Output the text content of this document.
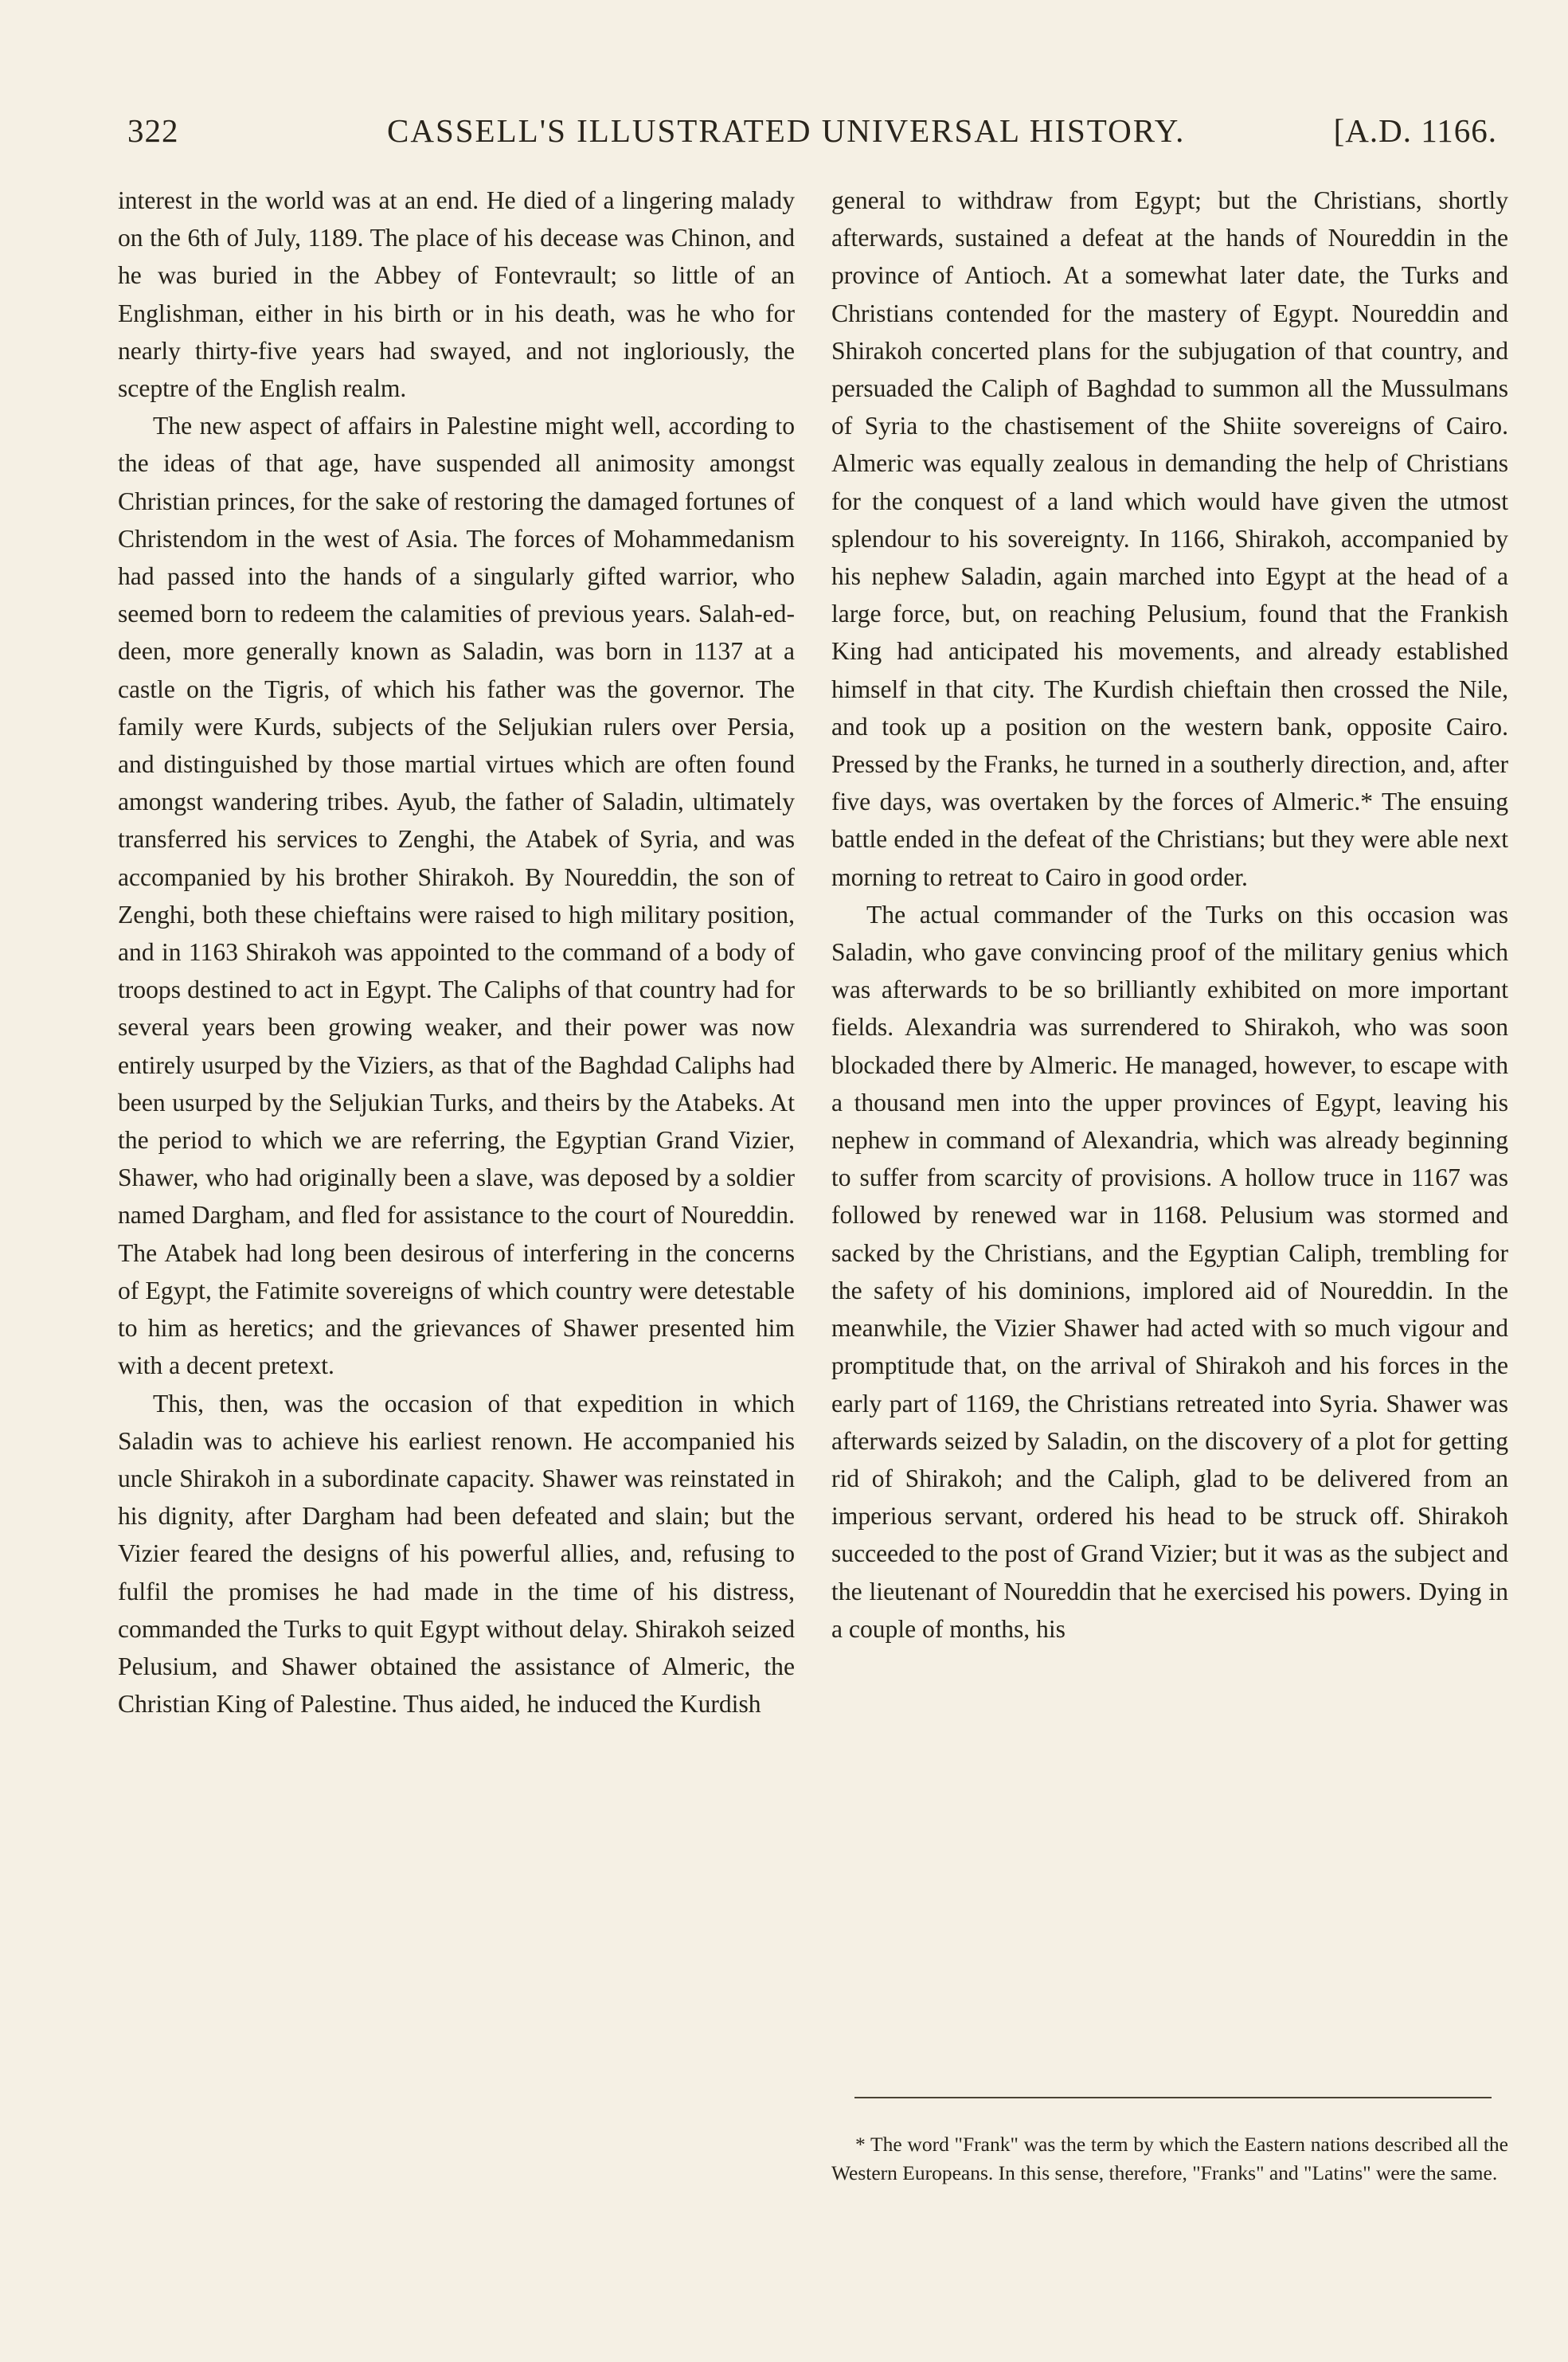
322	CASSELL'S ILLUSTRATED UNIVERSAL HISTORY.	[A.D. 1166.

interest in the world was at an end. He died of a lingering malady on the 6th of July, 1189. The place of his decease was Chinon, and he was buried in the Abbey of Fontevrault; so little of an Englishman, either in his birth or in his death, was he who for nearly thirty-five years had swayed, and not ingloriously, the sceptre of the English realm.

The new aspect of affairs in Palestine might well, according to the ideas of that age, have suspended all animosity amongst Christian princes, for the sake of restoring the damaged fortunes of Christendom in the west of Asia. The forces of Mohammedanism had passed into the hands of a singularly gifted warrior, who seemed born to redeem the calamities of previous years. Salah-ed-deen, more generally known as Saladin, was born in 1137 at a castle on the Tigris, of which his father was the governor. The family were Kurds, subjects of the Seljukian rulers over Persia, and distinguished by those martial virtues which are often found amongst wandering tribes. Ayub, the father of Saladin, ultimately transferred his services to Zenghi, the Atabek of Syria, and was accompanied by his brother Shirakoh. By Noureddin, the son of Zenghi, both these chieftains were raised to high military position, and in 1163 Shirakoh was appointed to the command of a body of troops destined to act in Egypt. The Caliphs of that country had for several years been growing weaker, and their power was now entirely usurped by the Viziers, as that of the Baghdad Caliphs had been usurped by the Seljukian Turks, and theirs by the Atabeks. At the period to which we are referring, the Egyptian Grand Vizier, Shawer, who had originally been a slave, was deposed by a soldier named Dargham, and fled for assistance to the court of Noureddin. The Atabek had long been desirous of interfering in the concerns of Egypt, the Fatimite sovereigns of which country were detestable to him as heretics; and the grievances of Shawer presented him with a decent pretext.

This, then, was the occasion of that expedition in which Saladin was to achieve his earliest renown. He accompanied his uncle Shirakoh in a subordinate capacity. Shawer was reinstated in his dignity, after Dargham had been defeated and slain; but the Vizier feared the designs of his powerful allies, and, refusing to fulfil the promises he had made in the time of his distress, commanded the Turks to quit Egypt without delay. Shirakoh seized Pelusium, and Shawer obtained the assistance of Almeric, the Christian King of Palestine. Thus aided, he induced the Kurdish

general to withdraw from Egypt; but the Christians, shortly afterwards, sustained a defeat at the hands of Noureddin in the province of Antioch. At a somewhat later date, the Turks and Christians contended for the mastery of Egypt. Noureddin and Shirakoh concerted plans for the subjugation of that country, and persuaded the Caliph of Baghdad to summon all the Mussulmans of Syria to the chastisement of the Shiite sovereigns of Cairo. Almeric was equally zealous in demanding the help of Christians for the conquest of a land which would have given the utmost splendour to his sovereignty. In 1166, Shirakoh, accompanied by his nephew Saladin, again marched into Egypt at the head of a large force, but, on reaching Pelusium, found that the Frankish King had anticipated his movements, and already established himself in that city. The Kurdish chieftain then crossed the Nile, and took up a position on the western bank, opposite Cairo. Pressed by the Franks, he turned in a southerly direction, and, after five days, was overtaken by the forces of Almeric.* The ensuing battle ended in the defeat of the Christians; but they were able next morning to retreat to Cairo in good order.

The actual commander of the Turks on this occasion was Saladin, who gave convincing proof of the military genius which was afterwards to be so brilliantly exhibited on more important fields. Alexandria was surrendered to Shirakoh, who was soon blockaded there by Almeric. He managed, however, to escape with a thousand men into the upper provinces of Egypt, leaving his nephew in command of Alexandria, which was already beginning to suffer from scarcity of provisions. A hollow truce in 1167 was followed by renewed war in 1168. Pelusium was stormed and sacked by the Christians, and the Egyptian Caliph, trembling for the safety of his dominions, implored aid of Noureddin. In the meanwhile, the Vizier Shawer had acted with so much vigour and promptitude that, on the arrival of Shirakoh and his forces in the early part of 1169, the Christians retreated into Syria. Shawer was afterwards seized by Saladin, on the discovery of a plot for getting rid of Shirakoh; and the Caliph, glad to be delivered from an imperious servant, ordered his head to be struck off. Shirakoh succeeded to the post of Grand Vizier; but it was as the subject and the lieutenant of Noureddin that he exercised his powers. Dying in a couple of months, his

* The word "Frank" was the term by which the Eastern nations described all the Western Europeans. In this sense, therefore, "Franks" and "Latins" were the same.
